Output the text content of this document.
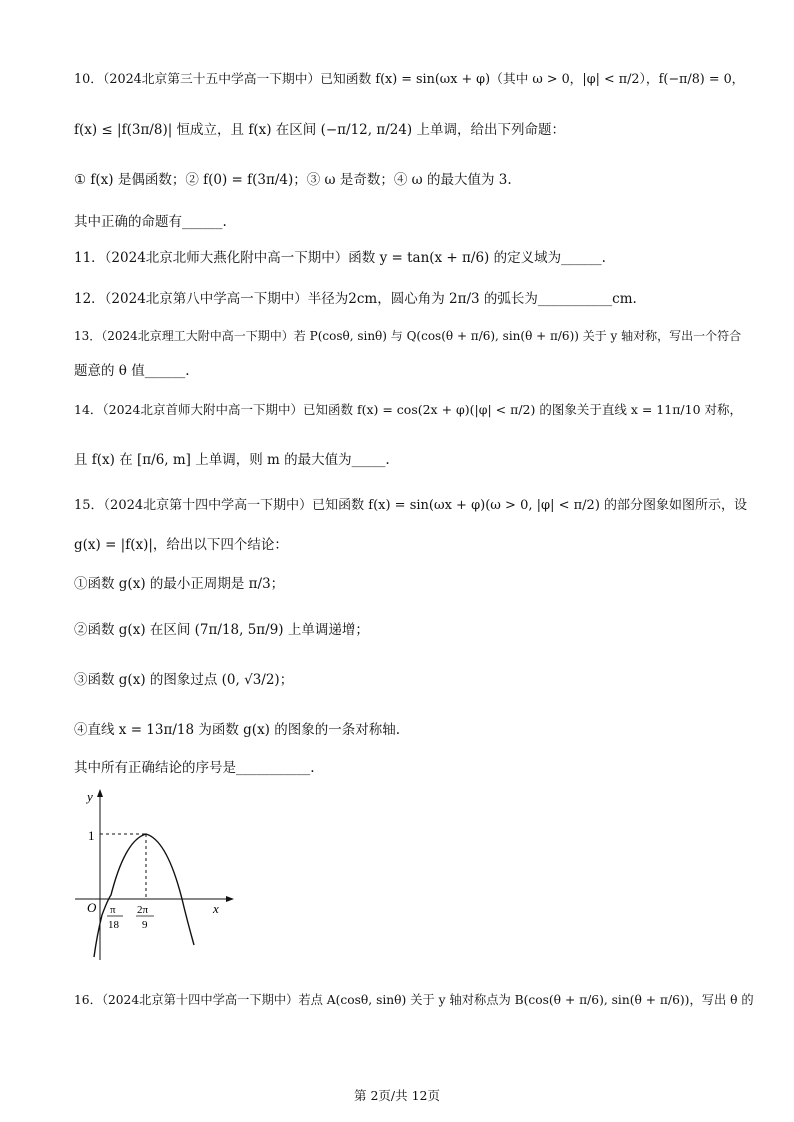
10．（2024北京第三十五中学高一下期中）已知函数 f(x) = sin(ωx + φ)（其中 ω > 0，|φ| < π/2），f(−π/8) = 0，
f(x) ≤ |f(3π/8)| 恒成立，且 f(x) 在区间 (−π/12, π/24) 上单调，给出下列命题：
① f(x) 是偶函数；② f(0) = f(3π/4)；③ ω 是奇数；④ ω 的最大值为 3.
其中正确的命题有______.
11．（2024北京北师大燕化附中高一下期中）函数 y = tan(x + π/6) 的定义域为______.
12．（2024北京第八中学高一下期中）半径为2cm，圆心角为 2π/3 的弧长为___________cm.
13．（2024北京理工大附中高一下期中）若 P(cosθ, sinθ) 与 Q(cos(θ + π/6), sin(θ + π/6)) 关于 y 轴对称，写出一个符合
题意的 θ 值______.
14．（2024北京首师大附中高一下期中）已知函数 f(x) = cos(2x + φ)(|φ| < π/2) 的图象关于直线 x = 11π/10 对称，
且 f(x) 在 [π/6, m] 上单调，则 m 的最大值为_____.
15．（2024北京第十四中学高一下期中）已知函数 f(x) = sin(ωx + φ)(ω > 0, |φ| < π/2) 的部分图象如图所示，设
g(x) = |f(x)|，给出以下四个结论：
①函数 g(x) 的最小正周期是 π/3；
②函数 g(x) 在区间 (7π/18, 5π/9) 上单调递增；
③函数 g(x) 的图象过点 (0, √3/2)；
④直线 x = 13π/18 为函数 g(x) 的图象的一条对称轴.
其中所有正确结论的序号是___________.
y
x
O
1
π
18
2π
9
16．（2024北京第十四中学高一下期中）若点 A(cosθ, sinθ) 关于 y 轴对称点为 B(cos(θ + π/6), sin(θ + π/6))，写出 θ 的
第 2页/共 12页
